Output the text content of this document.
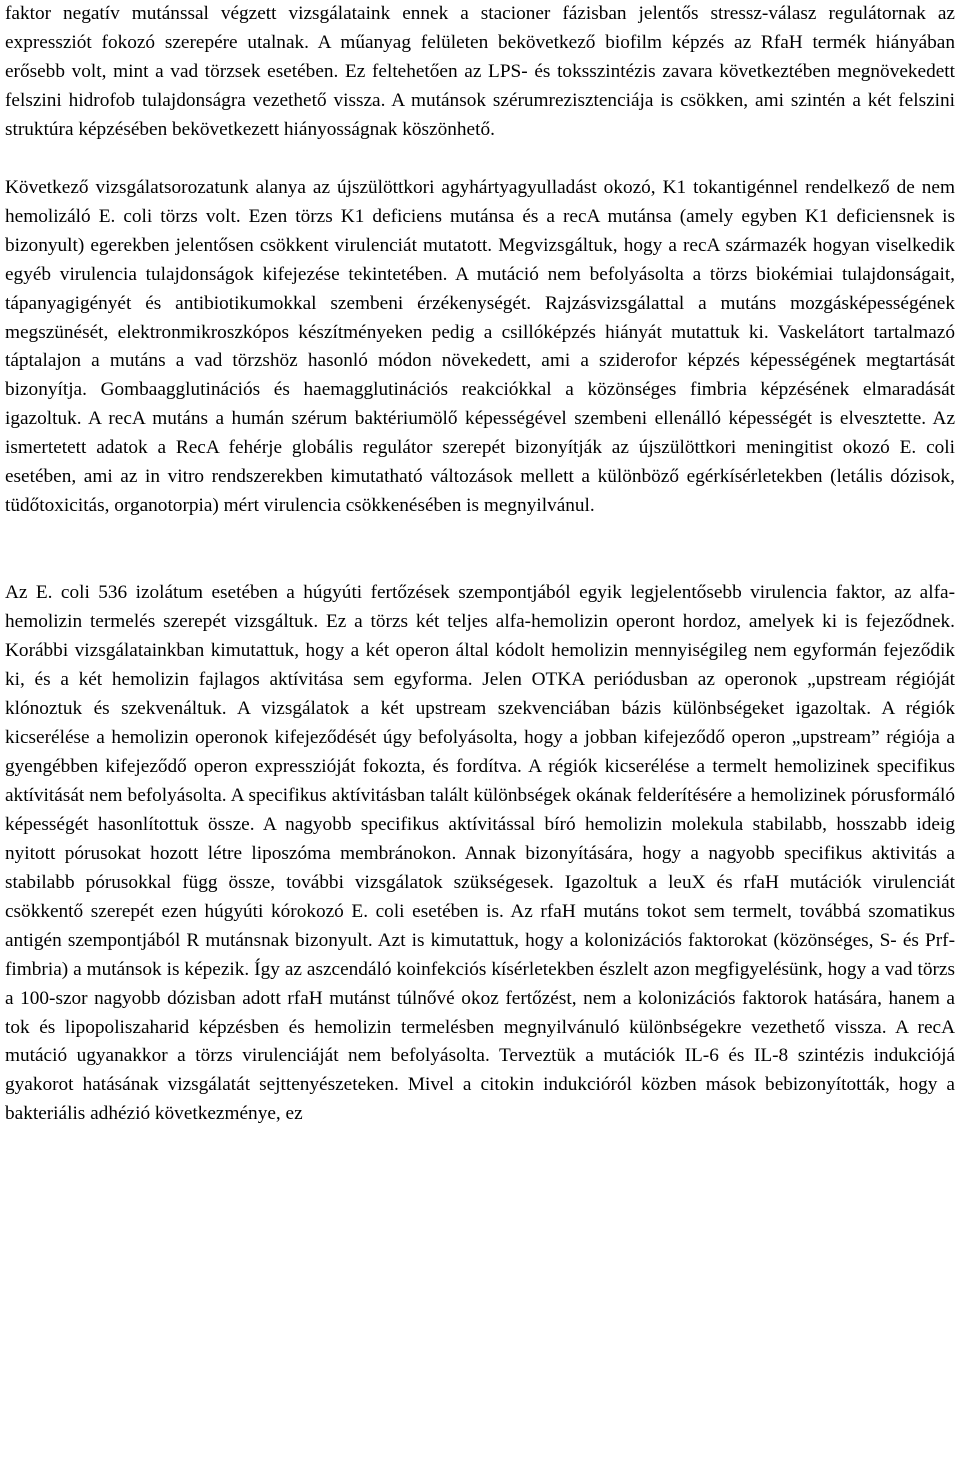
faktor negatív mutánssal végzett vizsgálataink ennek a stacioner fázisban jelentős stressz-válasz regulátornak az expressziót fokozó szerepére utalnak. A műanyag felületen bekövetkező biofilm képzés az RfaH termék hiányában erősebb volt, mint a vad törzsek esetében. Ez feltehetően az LPS- és toksszintézis zavara következtében megnövekedett felszini hidrofob tulajdonságra vezethető vissza. A mutánsok szérumrezisztenciája is csökken, ami szintén a két felszini struktúra képzésében bekövetkezett hiányosságnak köszönhető.

Következő vizsgálatsorozatunk alanya az újszülöttkori agyhártyagyulladást okozó, K1 tokantigénnel rendelkező de nem hemolizáló E. coli törzs volt. Ezen törzs K1 deficiens mutánsa és a recA mutánsa (amely egyben K1 deficiensnek is bizonyult) egerekben jelentősen csökkent virulenciát mutatott. Megvizsgáltuk, hogy a recA származék hogyan viselkedik egyéb virulencia tulajdonságok kifejezése tekintetében. A mutáció nem befolyásolta a törzs biokémiai tulajdonságait, tápanyagigényét és antibiotikumokkal szembeni érzékenységét. Rajzásvizsgálattal a mutáns mozgásképességének megszünését, elektronmikroszkópos készítményeken pedig a csillóképzés hiányát mutattuk ki. Vaskelátort tartalmazó táptalajon a mutáns a vad törzshöz hasonló módon növekedett, ami a sziderofor képzés képességének megtartását bizonyítja. Gombaagglutinációs és haemagglutinációs reakciókkal a közönséges fimbria képzésének elmaradását igazoltuk. A recA mutáns a humán szérum baktériumölő képességével szembeni ellenálló képességét is elvesztette. Az ismertetett adatok a RecA fehérje globális regulátor szerepét bizonyítják az újszülöttkori meningitist okozó E. coli esetében, ami az in vitro rendszerekben kimutatható változások mellett a különböző egérkísérletekben (letális dózisok, tüdőtoxicitás, organotorpia) mért virulencia csökkenésében is megnyilvánul.

Az E. coli 536 izolátum esetében a húgyúti fertőzések szempontjából egyik legjelentősebb virulencia faktor, az alfa-hemolizin termelés szerepét vizsgáltuk. Ez a törzs két teljes alfa-hemolizin operont hordoz, amelyek ki is fejeződnek. Korábbi vizsgálatainkban kimutattuk, hogy a két operon által kódolt hemolizin mennyiségileg nem egyformán fejeződik ki, és a két hemolizin fajlagos aktívitása sem egyforma. Jelen OTKA periódusban az operonok „upstream régióját klónoztuk és szekvenáltuk. A vizsgálatok a két upstream szekvenciában bázis különbségeket igazoltak. A régiók kicserélése a hemolizin operonok kifejeződését úgy befolyásolta, hogy a jobban kifejeződő operon „upstream” régiója a gyengébben kifejeződő operon expresszióját fokozta, és fordítva. A régiók kicserélése a termelt hemolizinek specifikus aktívitását nem befolyásolta. A specifikus aktívitásban talált különbségek okának felderítésére a hemolizinek pórusformáló képességét hasonlítottuk össze. A nagyobb specifikus aktívitással bíró hemolizin molekula stabilabb, hosszabb ideig nyitott pórusokat hozott létre liposzóma membránokon. Annak bizonyítására, hogy a nagyobb specifikus aktivitás a stabilabb pórusokkal függ össze, további vizsgálatok szükségesek. Igazoltuk a leuX és rfaH mutációk virulenciát csökkentő szerepét ezen húgyúti kórokozó E. coli esetében is. Az rfaH mutáns tokot sem termelt, továbbá szomatikus antigén szempontjából R mutánsnak bizonyult. Azt is kimutattuk, hogy a kolonizációs faktorokat (közönséges, S- és Prf-fimbria) a mutánsok is képezik. Így az aszcendáló koinfekciós kísérletekben észlelt azon megfigyelésünk, hogy a vad törzs a 100-szor nagyobb dózisban adott rfaH mutánst túlnővé okoz fertőzést, nem a kolonizációs faktorok hatására, hanem a tok és lipopoliszaharid képzésben és hemolizin termelésben megnyilvánuló különbségekre vezethető vissza. A recA mutáció ugyanakkor a törzs virulenciáját nem befolyásolta. Terveztük a mutációk IL-6 és IL-8 szintézis indukciójá gyakorot hatásának vizsgálatát sejttenyészeteken. Mivel a citokin indukcióról közben mások bebizonyították, hogy a bakteriális adhézió következménye, ez
